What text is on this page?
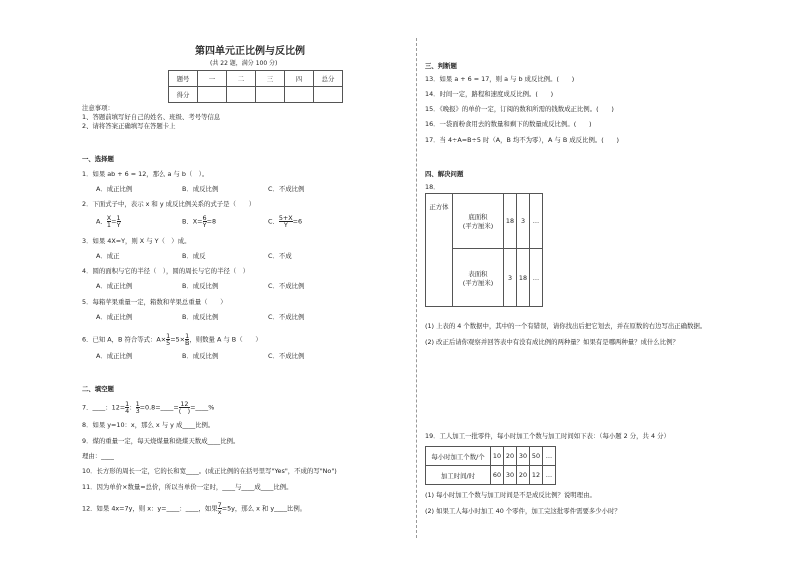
第四单元正比例与反比例
(共 22 题，满分 100 分)
题号	一	二	三	四	总分
得分					
注意事项：
1、答题前填写好自己的姓名、班级、考号等信息
2、请将答案正确填写在答题卡上
一、选择题
1．如果 ab + 6 = 12，那么 a 与 b（　）。
A．成正比例	B．成反比例	C．不成比例
2．下面式子中，表示 x 和 y 成反比例关系的式子是（　　）
A． $\frac{X}{1}= \frac{1}{Y}$	B．$X= \frac{6}{Y}=8$	C． $\frac{5+X}{Y}=6$
3．如果 4X=Y，则 X 与 Y（　）成。
A．成正	B．成反	C．不成
4．圆的面积与它的半径（　），圆的周长与它的半径（　）
A．成正比例	B．成反比例	C．不成比例
5．每箱苹果重量一定，箱数和苹果总重量（　　）
A．成正比例	B．成反比例	C．不成比例
6．已知 A，B 符合等式：$A\times \frac{1}{5}=5\times \frac{1}{B}$，则数量 A 与 B（　　）
A．成正比例	B．成反比例	C．不成比例
二、填空题
7．____：$12= \frac{1}{4}$： $\frac{1}{3}=0.8=\_\_\_\_=$ $\frac{12}{( )}=\_\_\_\_\%$
8．如果 y=10：x，那么 x 与 y 成____比例。
9．煤的重量一定，每天烧煤量和烧煤天数成____比例。
理由：____
10．长方形的周长一定，它的长和宽____。(成正比例的在括号里写"Yes"，不成的写"No")
11．因为单价×数量=总价，所以当单价一定时，____与____成____比例。
12．如果 4x=7y，则 x：y=____：____，如果 $\frac{7}{x}=5y$，那么 x 和 y____比例。
三、判断题
13．如果 a + 6 = 17，则 a 与 b 成反比例。(　　)
14．时间一定，路程和速度成反比例。(　　)
15．《晚报》的单价一定，订阅的数和所需的钱数成正比例。(　　)
16．一袋面粉食用去的数量和剩下的数量成反比例。(　　)
17．当 4÷A=B÷5 时（A，B 均不为零），A 与 B 成反比例。(　　)
四、解决问题
18．
正方体	底面积
(平方厘米)	18	3	…

	表面积
(平方厘米)	3	18	…
(1) 上表的 4 个数据中，其中的一个有错误，请你找出后把它划去，并在原数的右边写出正确数据。
(2) 改正后请你观察并回答表中有没有成比例的两种量？如果有是哪两种量？成什么比例？
19．工人加工一批零件，每小时加工个数与加工时间如下表：（每小题 2 分，共 4 分）
每小时加工个数/个	10	20	30	50	…
加工时间/时	60	30	20	12	…
(1) 每小时加工个数与加工时间是不是成反比例？说明理由。
(2) 如果工人每小时加工 40 个零件，加工完这批零件需要多少小时？
